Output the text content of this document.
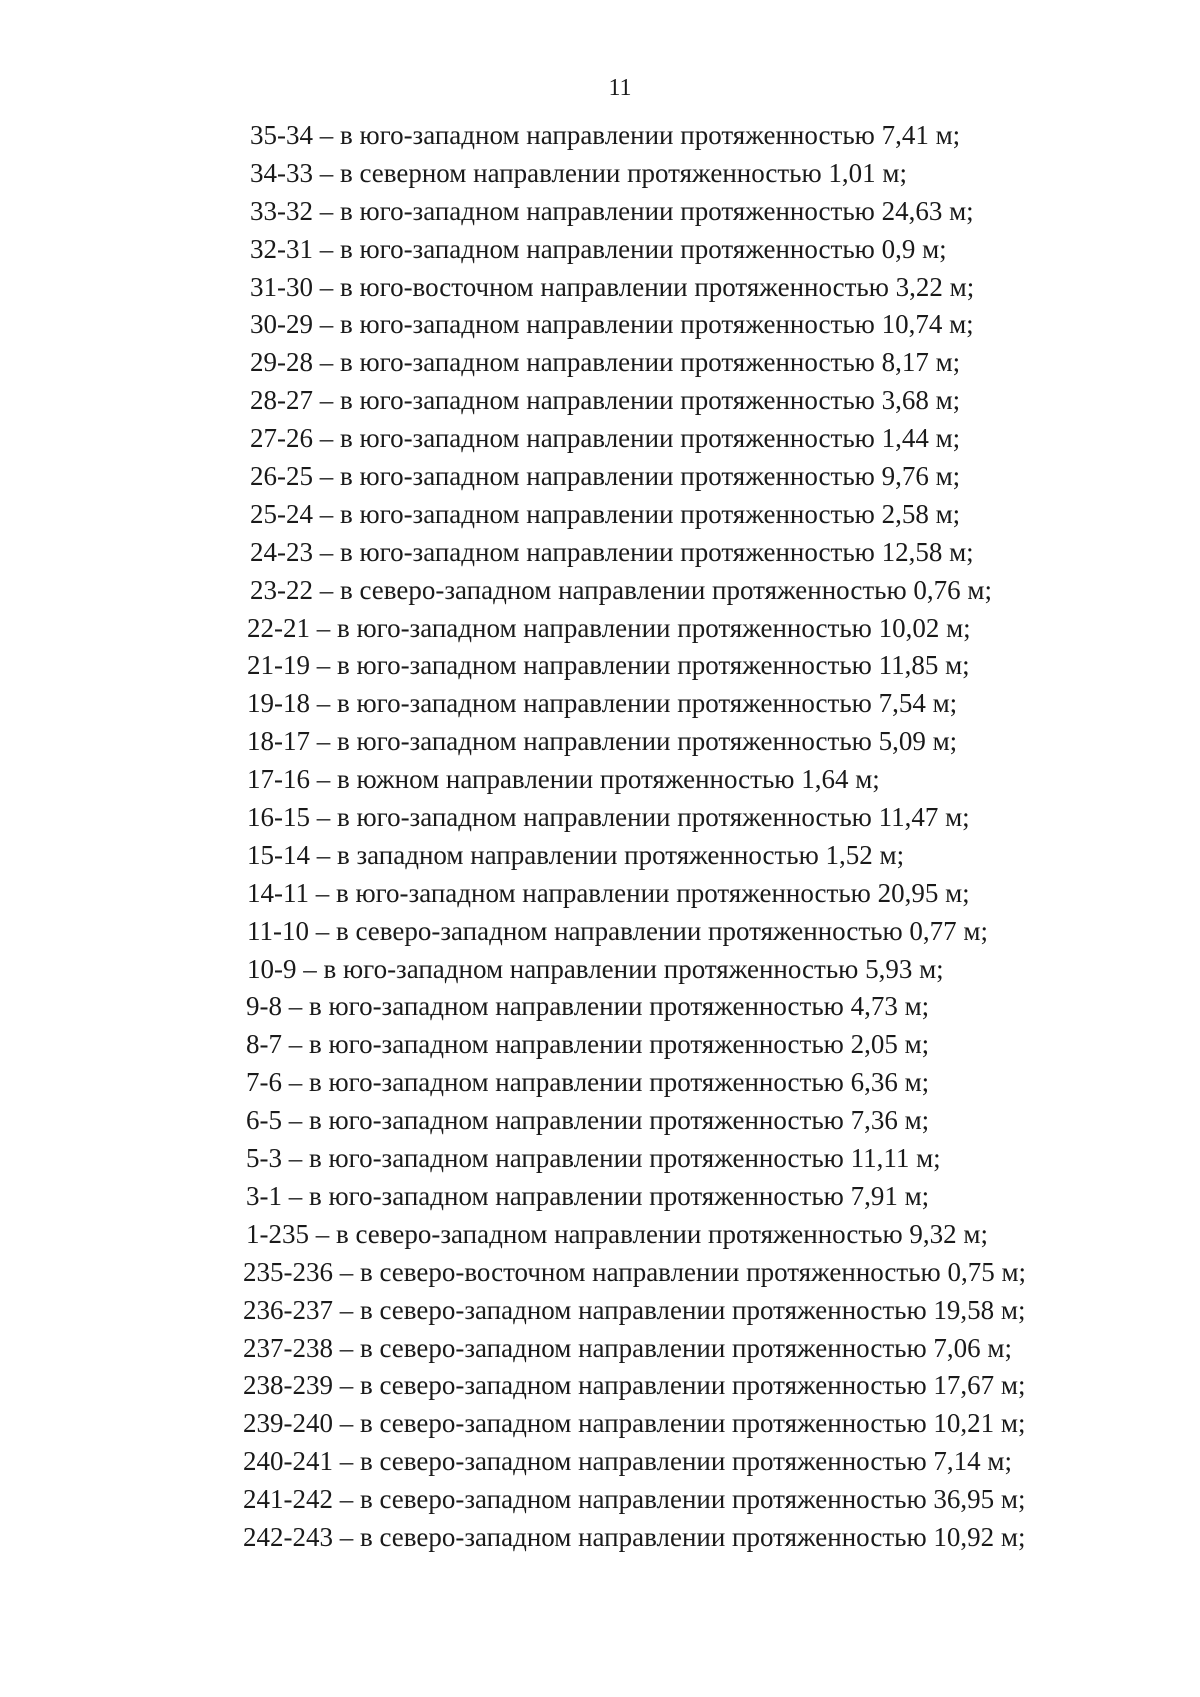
11
35-34 – в юго-западном направлении протяженностью 7,41 м;
34-33 – в северном направлении протяженностью 1,01 м;
33-32 – в юго-западном направлении протяженностью 24,63 м;
32-31 – в юго-западном направлении протяженностью 0,9 м;
31-30 – в юго-восточном направлении протяженностью 3,22 м;
30-29 – в юго-западном направлении протяженностью 10,74 м;
29-28 – в юго-западном направлении протяженностью 8,17 м;
28-27 – в юго-западном направлении протяженностью 3,68 м;
27-26 – в юго-западном направлении протяженностью 1,44 м;
26-25 – в юго-западном направлении протяженностью 9,76 м;
25-24 – в юго-западном направлении протяженностью 2,58 м;
24-23 – в юго-западном направлении протяженностью 12,58 м;
23-22 – в северо-западном направлении протяженностью 0,76 м;
22-21 – в юго-западном направлении протяженностью 10,02 м;
21-19 – в юго-западном направлении протяженностью 11,85 м;
19-18 – в юго-западном направлении протяженностью 7,54 м;
18-17 – в юго-западном направлении протяженностью 5,09 м;
17-16 – в южном направлении протяженностью 1,64 м;
16-15 – в юго-западном направлении протяженностью 11,47 м;
15-14 – в западном направлении протяженностью 1,52 м;
14-11 – в юго-западном направлении протяженностью 20,95 м;
11-10 – в северо-западном направлении протяженностью 0,77 м;
10-9 – в юго-западном направлении протяженностью 5,93 м;
9-8 – в юго-западном направлении протяженностью 4,73 м;
8-7 – в юго-западном направлении протяженностью 2,05 м;
7-6 – в юго-западном направлении протяженностью 6,36 м;
6-5 – в юго-западном направлении протяженностью 7,36 м;
5-3 – в юго-западном направлении протяженностью 11,11 м;
3-1 – в юго-западном направлении протяженностью 7,91 м;
1-235 – в северо-западном направлении протяженностью 9,32 м;
235-236 – в северо-восточном направлении протяженностью 0,75 м;
236-237 – в северо-западном направлении протяженностью 19,58 м;
237-238 – в северо-западном направлении протяженностью 7,06 м;
238-239 – в северо-западном направлении протяженностью 17,67 м;
239-240 – в северо-западном направлении протяженностью 10,21 м;
240-241 – в северо-западном направлении протяженностью 7,14 м;
241-242 – в северо-западном направлении протяженностью 36,95 м;
242-243 – в северо-западном направлении протяженностью 10,92 м;
